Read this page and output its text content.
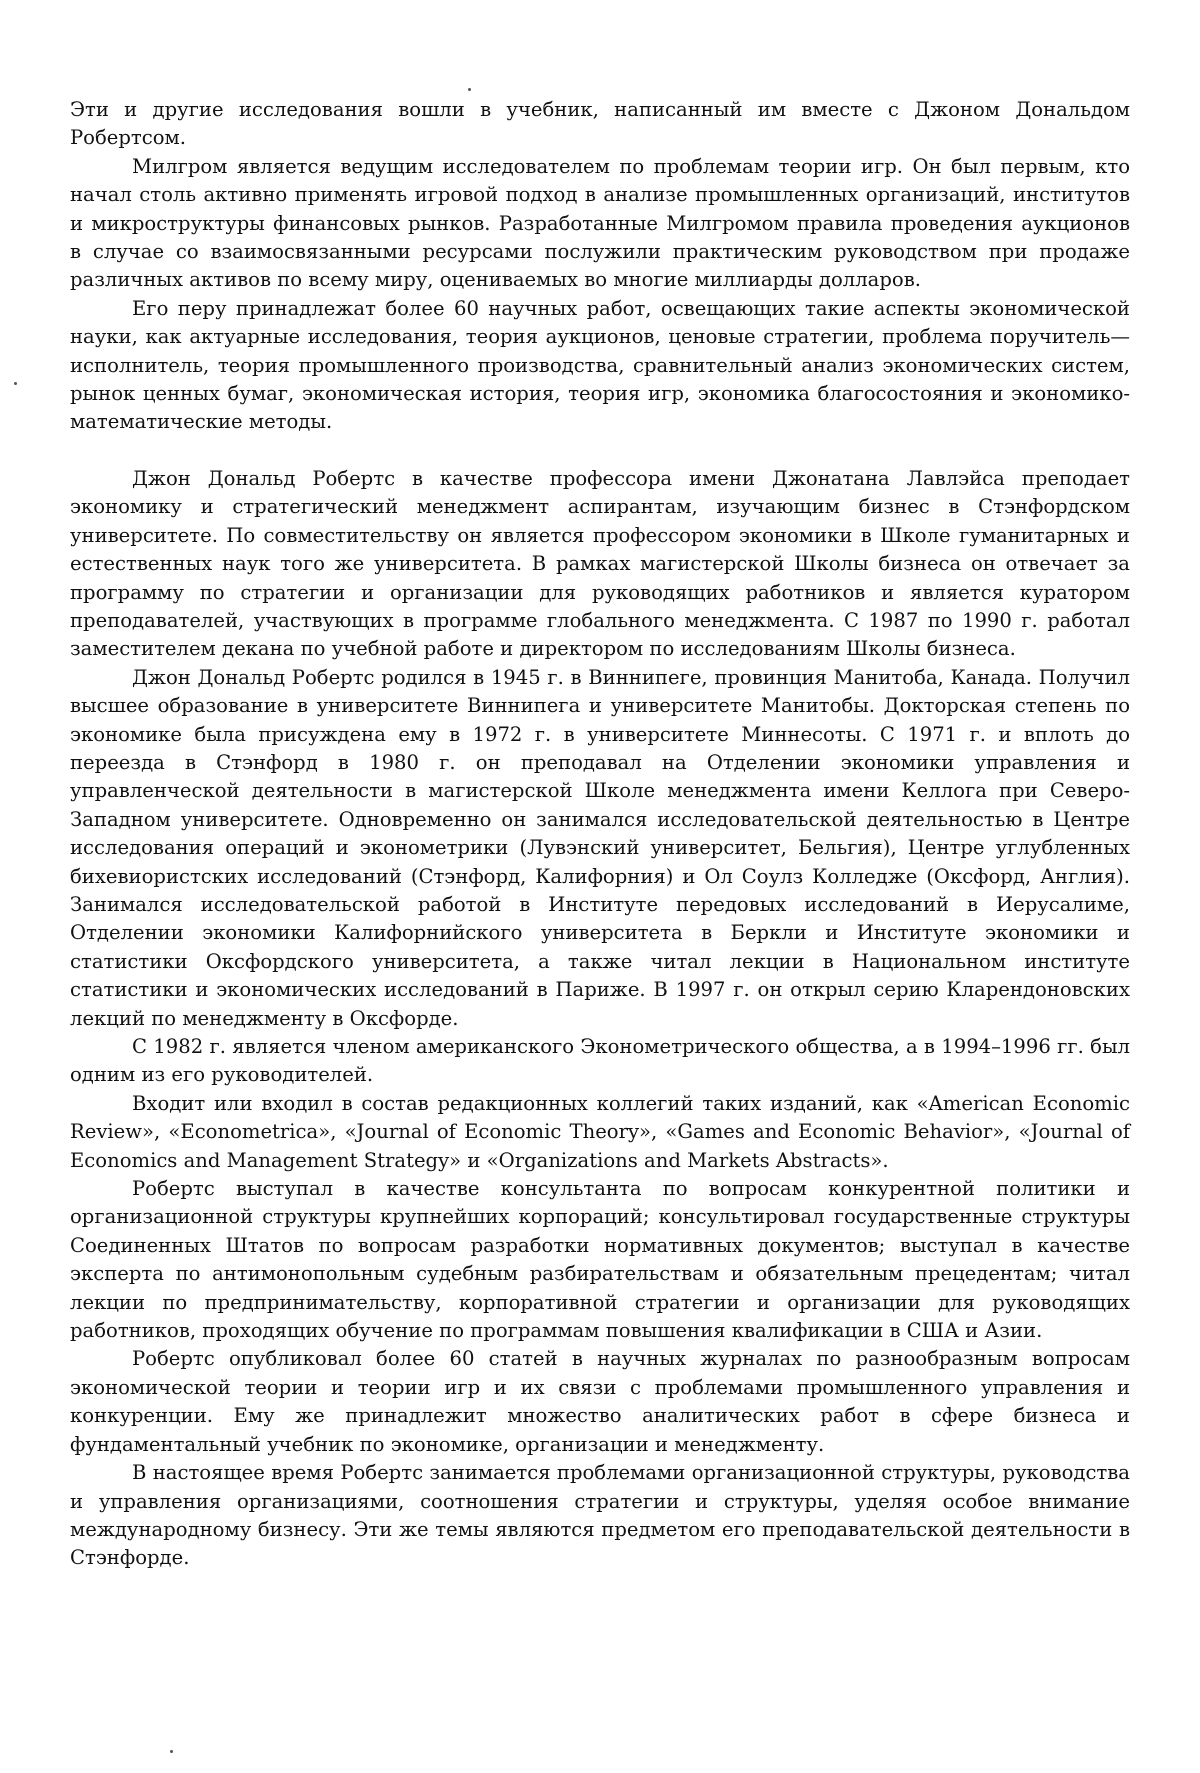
Эти и другие исследования вошли в учебник, написанный им вместе с Джоном Дональдом Робертсом.

Милгром является ведущим исследователем по проблемам теории игр. Он был первым, кто начал столь активно применять игровой подход в анализе промышленных организаций, институтов и микроструктуры финансовых рынков. Разработанные Милгромом правила проведения аукционов в случае со взаимосвязанными ресурсами послужили практическим руководством при продаже различных активов по всему миру, оцениваемых во многие миллиарды долларов.

Его перу принадлежат более 60 научных работ, освещающих такие аспекты экономической науки, как актуарные исследования, теория аукционов, ценовые стратегии, проблема поручитель—исполнитель, теория промышленного производства, сравнительный анализ экономических систем, рынок ценных бумаг, экономическая история, теория игр, экономика благосостояния и экономико-математические методы.

Джон Дональд Робертс в качестве профессора имени Джонатана Лавлэйса преподает экономику и стратегический менеджмент аспирантам, изучающим бизнес в Стэнфордском университете. По совместительству он является профессором экономики в Школе гуманитарных и естественных наук того же университета. В рамках магистерской Школы бизнеса он отвечает за программу по стратегии и организации для руководящих работников и является куратором преподавателей, участвующих в программе глобального менеджмента. С 1987 по 1990 г. работал заместителем декана по учебной работе и директором по исследованиям Школы бизнеса.

Джон Дональд Робертс родился в 1945 г. в Виннипеге, провинция Манитоба, Канада. Получил высшее образование в университете Виннипега и университете Манитобы. Докторская степень по экономике была присуждена ему в 1972 г. в университете Миннесоты. С 1971 г. и вплоть до переезда в Стэнфорд в 1980 г. он преподавал на Отделении экономики управления и управленческой деятельности в магистерской Школе менеджмента имени Келлога при Северо-Западном университете. Одновременно он занимался исследовательской деятельностью в Центре исследования операций и эконометрики (Лувэнский университет, Бельгия), Центре углубленных бихевиористских исследований (Стэнфорд, Калифорния) и Ол Соулз Колледже (Оксфорд, Англия). Занимался исследовательской работой в Институте передовых исследований в Иерусалиме, Отделении экономики Калифорнийского университета в Беркли и Институте экономики и статистики Оксфордского университета, а также читал лекции в Национальном институте статистики и экономических исследований в Париже. В 1997 г. он открыл серию Кларендоновских лекций по менеджменту в Оксфорде.

С 1982 г. является членом американского Эконометрического общества, а в 1994–1996 гг. был одним из его руководителей.

Входит или входил в состав редакционных коллегий таких изданий, как «American Economic Review», «Econometrica», «Journal of Economic Theory», «Games and Economic Behavior», «Journal of Economics and Management Strategy» и «Organizations and Markets Abstracts».

Робертс выступал в качестве консультанта по вопросам конкурентной политики и организационной структуры крупнейших корпораций; консультировал государственные структуры Соединенных Штатов по вопросам разработки нормативных документов; выступал в качестве эксперта по антимонопольным судебным разбирательствам и обязательным прецедентам; читал лекции по предпринимательству, корпоративной стратегии и организации для руководящих работников, проходящих обучение по программам повышения квалификации в США и Азии.

Робертс опубликовал более 60 статей в научных журналах по разнообразным вопросам экономической теории и теории игр и их связи с проблемами промышленного управления и конкуренции. Ему же принадлежит множество аналитических работ в сфере бизнеса и фундаментальный учебник по экономике, организации и менеджменту.

В настоящее время Робертс занимается проблемами организационной структуры, руководства и управления организациями, соотношения стратегии и структуры, уделяя особое внимание международному бизнесу. Эти же темы являются предметом его преподавательской деятельности в Стэнфорде.
